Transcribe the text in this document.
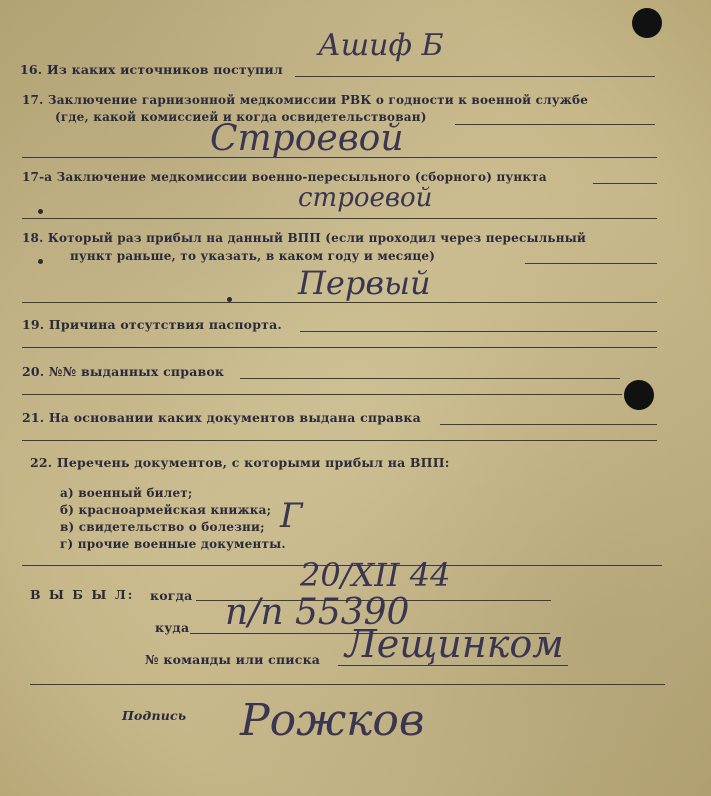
16. Из каких источников поступил
Ашиф Б
17. Заключение гарнизонной медкомиссии РВК о годности к военной службе
(где, какой комиссией и когда освидетельствован)
Строевой
17-а Заключение медкомиссии военно-пересыльного (сборного) пункта
строевой
18. Который раз прибыл на данный ВПП (если проходил через пересыльный
пункт раньше, то указать, в каком году и месяце)
Первый
19. Причина отсутствия паспорта.
20. №№ выданных справок
21. На основании каких документов выдана справка
22. Перечень документов, с которыми прибыл на ВПП:
а) военный билет;
б) красноармейская книжка;
в) свидетельство о болезни;
г) прочие военные документы.
Г
В Ы Б Ы Л: когда
20/XII 44
куда п/п 55390
№ команды или списка Лещинком
Подпись Рожков
